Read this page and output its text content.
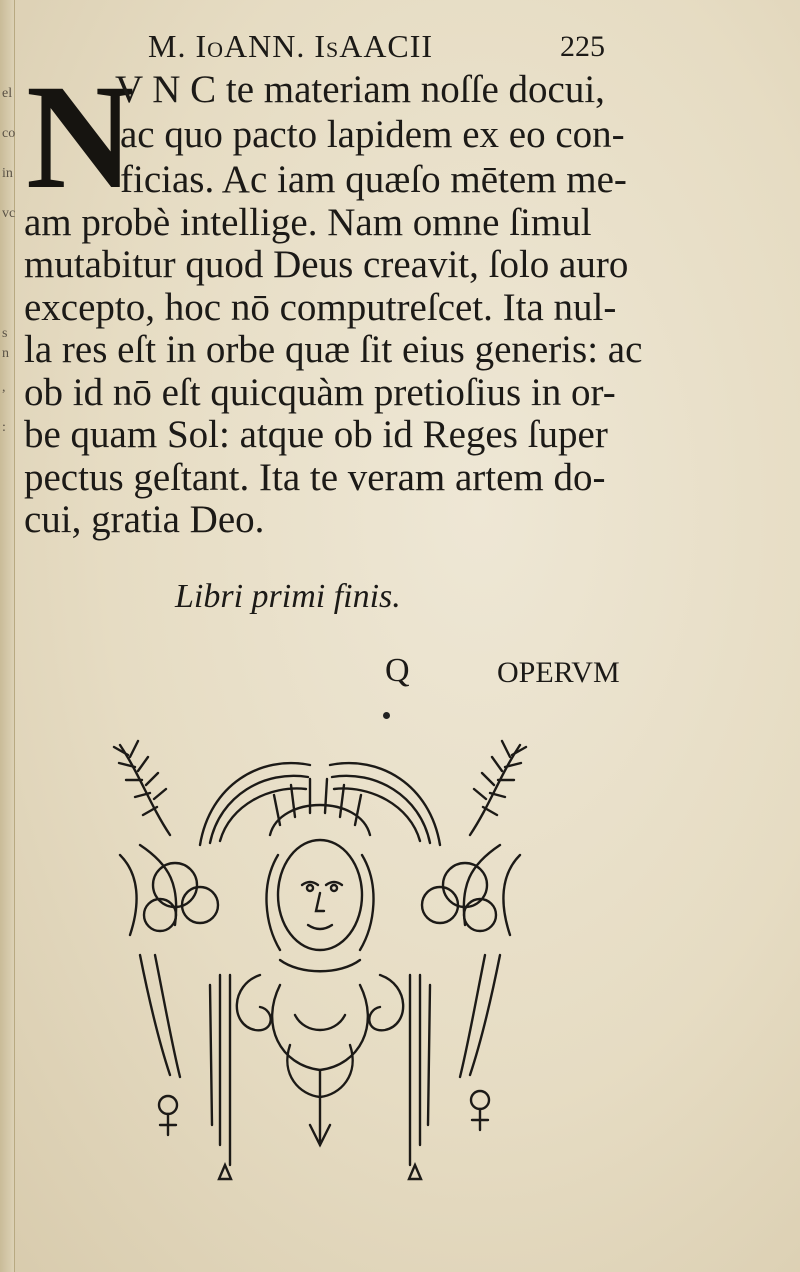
el
co
in
vc
s
n
,
:
M. IoANN. IsAACII	225
N
V N C te materiam noſſe docui,
ac quo pacto lapidem ex eo con-
ficias. Ac iam quæſo mētem me-
am probè intellige. Nam omne ſimul
mutabitur quod Deus creavit, ſolo auro
excepto, hoc nō computreſcet. Ita nul-
la res eſt in orbe quæ ſit eius generis: ac
ob id nō eſt quicquàm pretioſius in or-
be quam Sol: atque ob id Reges ſuper
pectus geſtant. Ita te veram artem do-
cui, gratia Deo.
Libri primi finis.
Q	OPERVM
